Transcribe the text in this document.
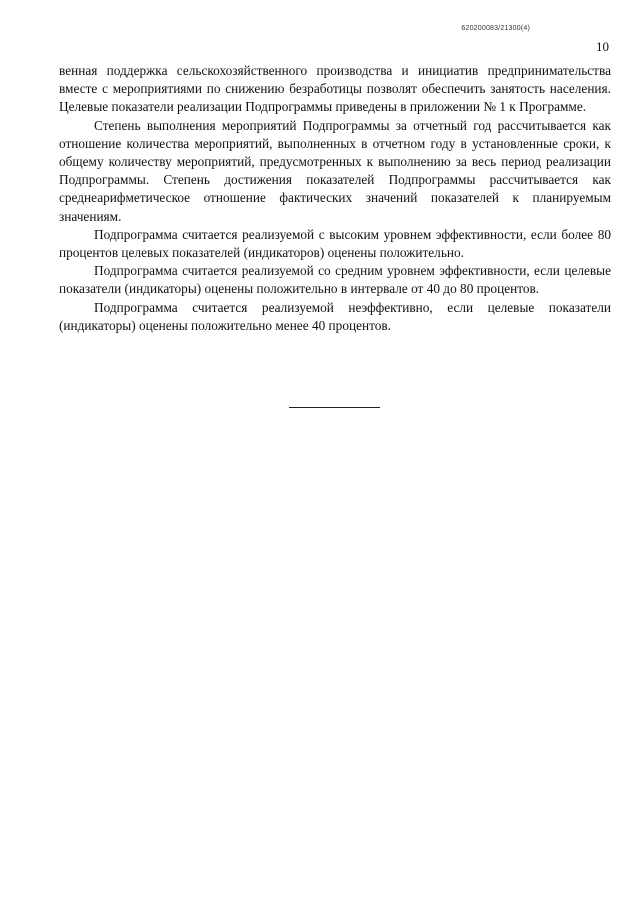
620200083/21300(4)
10

венная поддержка сельскохозяйственного производства и инициатив предпринимательства вместе с мероприятиями по снижению безработицы позволят обеспечить занятость населения. Целевые показатели реализации Подпрограммы приведены в приложении № 1 к Программе.

Степень выполнения мероприятий Подпрограммы за отчетный год рассчитывается как отношение количества мероприятий, выполненных в отчетном году в установленные сроки, к общему количеству мероприятий, предусмотренных к выполнению за весь период реализации Подпрограммы. Степень достижения показателей Подпрограммы рассчитывается как среднеарифметическое отношение фактических значений показателей к планируемым значениям.

Подпрограмма считается реализуемой с высоким уровнем эффективности, если более 80 процентов целевых показателей (индикаторов) оценены положительно.

Подпрограмма считается реализуемой со средним уровнем эффективности, если целевые показатели (индикаторы) оценены положительно в интервале от 40 до 80 процентов.

Подпрограмма считается реализуемой неэффективно, если целевые показатели (индикаторы) оценены положительно менее 40 процентов.
